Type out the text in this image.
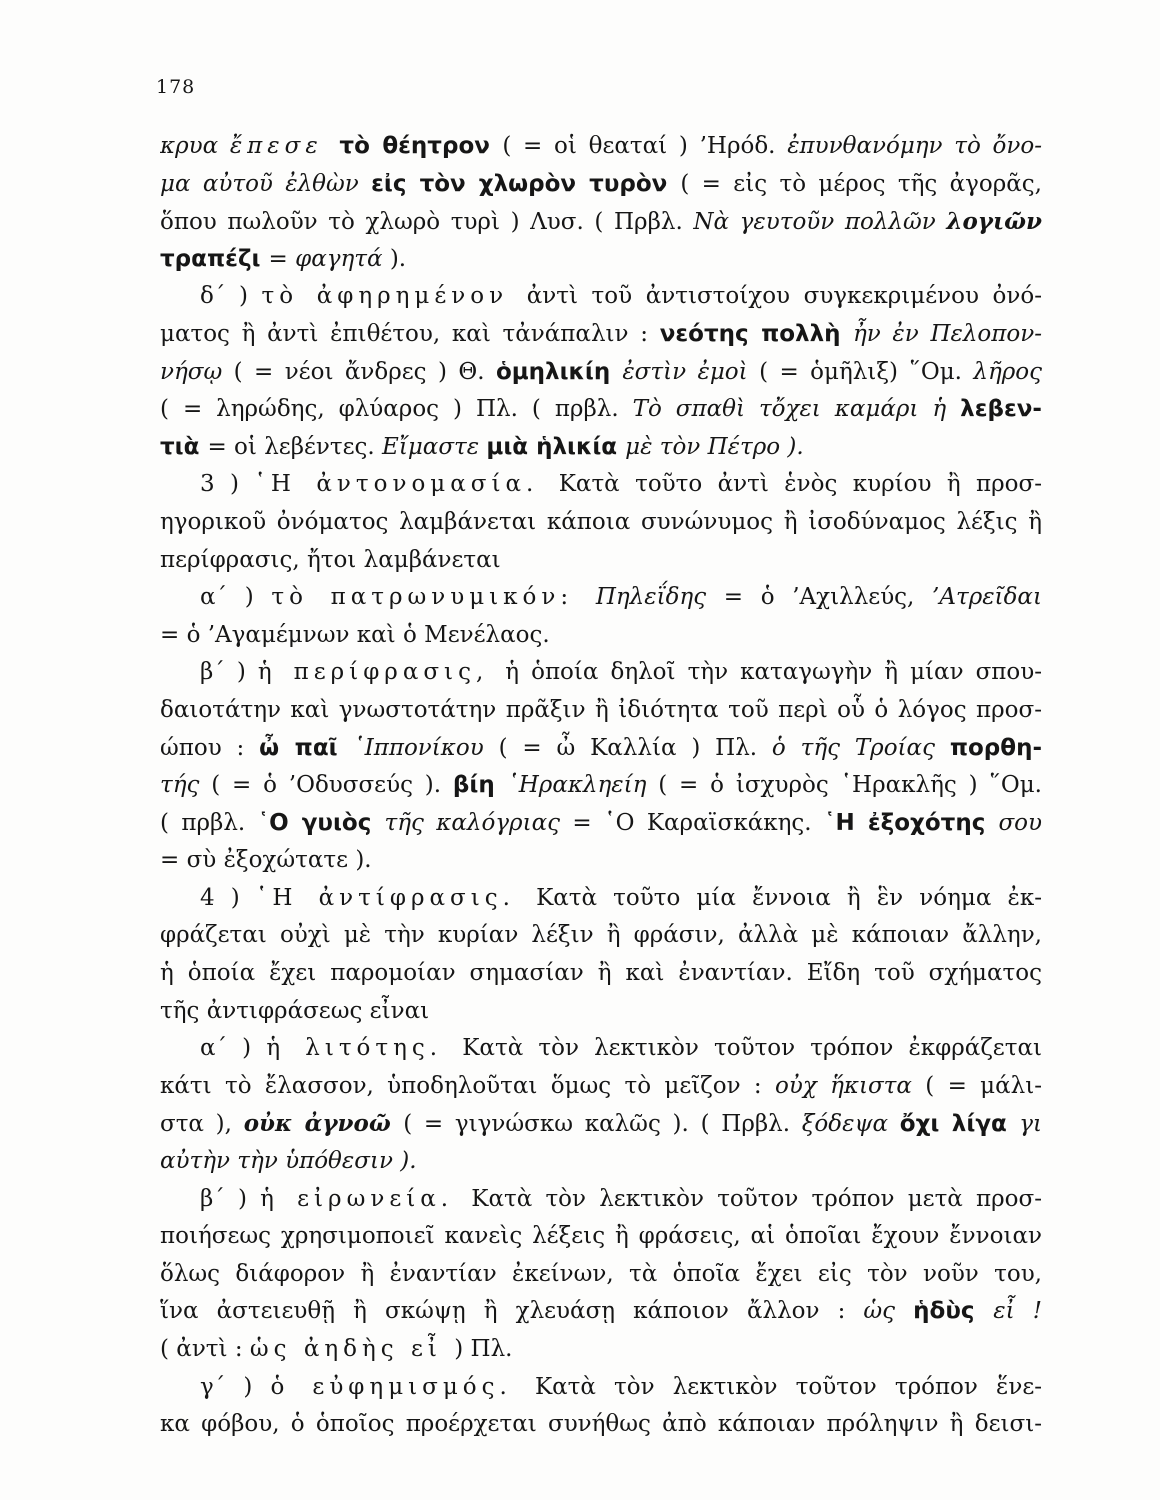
178
κρυα ἔπεσε τὸ θέητρον ( = οἱ θεαταί ) ’Ηρόδ. ἐπυνθανόμην τὸ ὄνο-
μα αὐτοῦ ἐλθὼν εἰς τὸν χλωρὸν τυρὸν ( = εἰς τὸ μέρος τῆς ἀγορᾶς,
ὅπου πωλοῦν τὸ χλωρὸ τυρὶ ) Λυσ. ( Πρβλ. Νὰ γευτοῦν πολλῶν λογιῶν
τραπέζι = φαγητά ).
δ΄ ) τὸ ἀφηρημένον ἀντὶ τοῦ ἀντιστοίχου συγκεκριμένου ὀνό-
ματος ἢ ἀντὶ ἐπιθέτου, καὶ τἀνάπαλιν : νεότης πολλὴ ἦν ἐν Πελοπον-
νήσῳ ( = νέοι ἄνδρες ) Θ. ὁμηλικίη ἐστὶν ἐμοὶ ( = ὁμῆλιξ) ῞Ομ. λῆρος
( = ληρώδης, φλύαρος ) Πλ. ( πρβλ. Τὸ σπαθὶ τὄχει καμάρι ἡ λεβεν-
τιὰ = οἱ λεβέντες. Εἴμαστε μιὰ ἡλικία μὲ τὸν Πέτρο ).
3 ) ῾Η ἀντονομασία. Κατὰ τοῦτο ἀντὶ ἑνὸς κυρίου ἢ προσ-
ηγορικοῦ ὀνόματος λαμβάνεται κάποια συνώνυμος ἢ ἰσοδύναμος λέξις ἢ
περίφρασις, ἤτοι λαμβάνεται
α΄ ) τὸ πατρωνυμικόν: Πηλεΐδης = ὁ ’Αχιλλεύς, ’Ατρεῖδαι
= ὁ ’Αγαμέμνων καὶ ὁ Μενέλαος.
β΄ ) ἡ περίφρασις, ἡ ὁποία δηλοῖ τὴν καταγωγὴν ἢ μίαν σπου-
δαιοτάτην καὶ γνωστοτάτην πρᾶξιν ἢ ἰδιότητα τοῦ περὶ οὗ ὁ λόγος προσ-
ώπου : ὦ παῖ ῾Ιππονίκου ( = ὦ Καλλία ) Πλ. ὁ τῆς Τροίας πορθη-
τής ( = ὁ ’Οδυσσεύς ). βίη ῾Ηρακληείη ( = ὁ ἰσχυρὸς ῾Ηρακλῆς ) ῞Ομ.
( πρβλ. ῾Ο γυιὸς τῆς καλόγριας = ῾Ο Καραϊσκάκης. ῾Η ἐξοχότης σου
= σὺ ἐξοχώτατε ).
4 ) ῾Η ἀντίφρασις. Κατὰ τοῦτο μία ἔννοια ἢ ἓν νόημα ἐκ-
φράζεται οὐχὶ μὲ τὴν κυρίαν λέξιν ἢ φράσιν, ἀλλὰ μὲ κάποιαν ἄλλην,
ἡ ὁποία ἔχει παρομοίαν σημασίαν ἢ καὶ ἐναντίαν. Εἴδη τοῦ σχήματος
τῆς ἀντιφράσεως εἶναι
α΄ ) ἡ λιτότης. Κατὰ τὸν λεκτικὸν τοῦτον τρόπον ἐκφράζεται
κάτι τὸ ἔλασσον, ὑποδηλοῦται ὅμως τὸ μεῖζον : οὐχ ἥκιστα ( = μάλι-
στα ), οὐκ ἀγνοῶ ( = γιγνώσκω καλῶς ). ( Πρβλ. ξόδεψα ὄχι λίγα γι
αὐτὴν τὴν ὑπόθεσιν ).
β΄ ) ἡ εἰρωνεία. Κατὰ τὸν λεκτικὸν τοῦτον τρόπον μετὰ προσ-
ποιήσεως χρησιμοποιεῖ κανεὶς λέξεις ἢ φράσεις, αἱ ὁποῖαι ἔχουν ἔννοιαν
ὅλως διάφορον ἢ ἐναντίαν ἐκείνων, τὰ ὁποῖα ἔχει εἰς τὸν νοῦν του,
ἵνα ἀστειευθῇ ἢ σκώψῃ ἢ χλευάσῃ κάποιον ἄλλον : ὡς ἡδὺς εἶ !
( ἀντὶ : ὡς ἀηδὴς εἶ ) Πλ.
γ΄ ) ὁ εὐφημισμός. Κατὰ τὸν λεκτικὸν τοῦτον τρόπον ἕνε-
κα φόβου, ὁ ὁποῖος προέρχεται συνήθως ἀπὸ κάποιαν πρόληψιν ἢ δεισι-
